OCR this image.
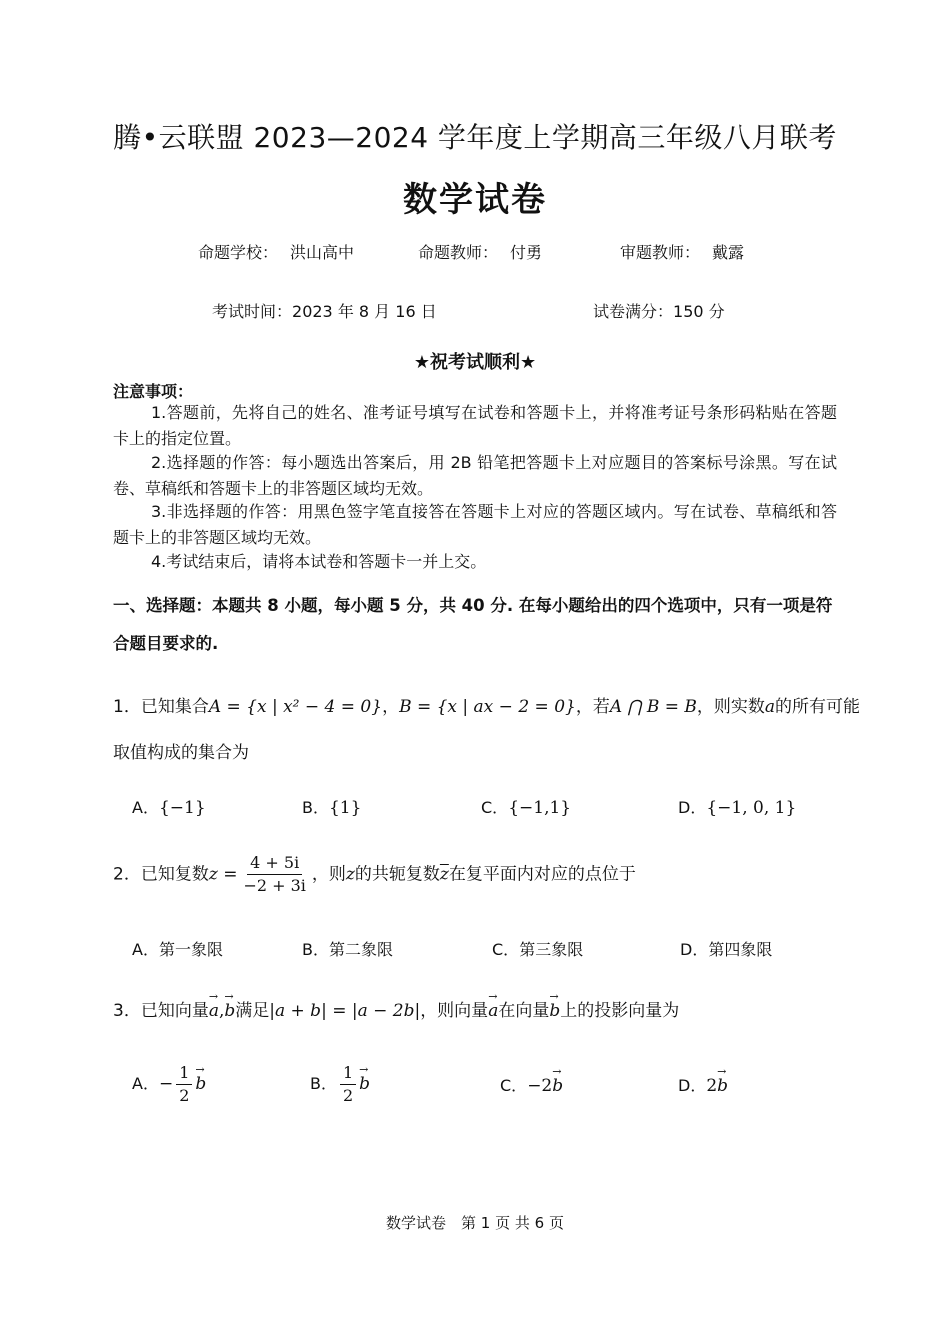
腾•云联盟 2023—2024 学年度上学期高三年级八月联考
数学试卷
命题学校： 洪山高中	命题教师： 付勇	审题教师： 戴露
考试时间：2023 年 8 月 16 日	试卷满分：150 分
★祝考试顺利★
注意事项：
1.答题前，先将自己的姓名、准考证号填写在试卷和答题卡上，并将准考证号条形码粘贴在答题卡上的指定位置。
2.选择题的作答：每小题选出答案后，用 2B 铅笔把答题卡上对应题目的答案标号涂黑。写在试卷、草稿纸和答题卡上的非答题区域均无效。
3.非选择题的作答：用黑色签字笔直接答在答题卡上对应的答题区域内。写在试卷、草稿纸和答题卡上的非答题区域均无效。
4.考试结束后，请将本试卷和答题卡一并上交。
一、选择题：本题共 8 小题，每小题 5 分，共 40 分. 在每小题给出的四个选项中，只有一项是符合题目要求的.
1．已知集合A = {x | x² − 4 = 0}，B = {x | ax − 2 = 0}，若A ⋂ B = B，则实数a的所有可能
取值构成的集合为
A．{−1}	B．{1}	C．{−1,1}	D．{−1, 0, 1}
2．已知复数$z = \frac{4 + 5i}{-2 + 3i}$ ，则z的共轭复数$\overline{z}$在复平面内对应的点位于
A．第一象限	B．第二象限	C．第三象限	D．第四象限
3．已知向量→ a,→ b满足|a + b| = |a − 2b|，则向量→ a在向量→ b上的投影向量为
A．− $\frac{1}{2} \to b$	B． $\frac{1}{2} \to b$	C．−2→ b	D．2→ b
数学试卷　第 1 页 共 6 页
